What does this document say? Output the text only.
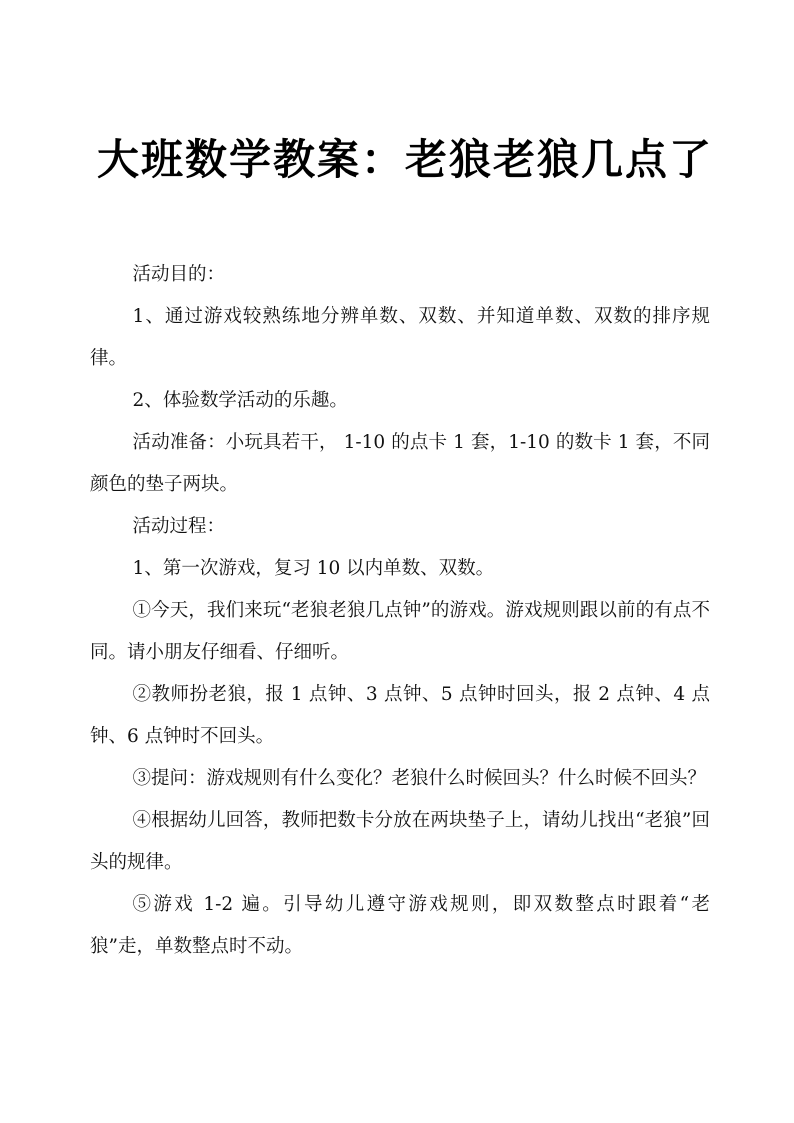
大班数学教案：老狼老狼几点了

活动目的：

1、通过游戏较熟练地分辨单数、双数、并知道单数、双数的排序规律。

2、体验数学活动的乐趣。

活动准备：小玩具若干， 1-10 的点卡 1 套，1-10 的数卡 1 套，不同颜色的垫子两块。

活动过程：

1、第一次游戏，复习 10 以内单数、双数。

①今天，我们来玩“老狼老狼几点钟”的游戏。游戏规则跟以前的有点不同。请小朋友仔细看、仔细听。

②教师扮老狼，报 1 点钟、3 点钟、5 点钟时回头，报 2 点钟、4 点钟、6 点钟时不回头。

③提问：游戏规则有什么变化？老狼什么时候回头？什么时候不回头？

④根据幼儿回答，教师把数卡分放在两块垫子上，请幼儿找出“老狼”回头的规律。

⑤游戏 1-2 遍。引导幼儿遵守游戏规则，即双数整点时跟着“老狼”走，单数整点时不动。
